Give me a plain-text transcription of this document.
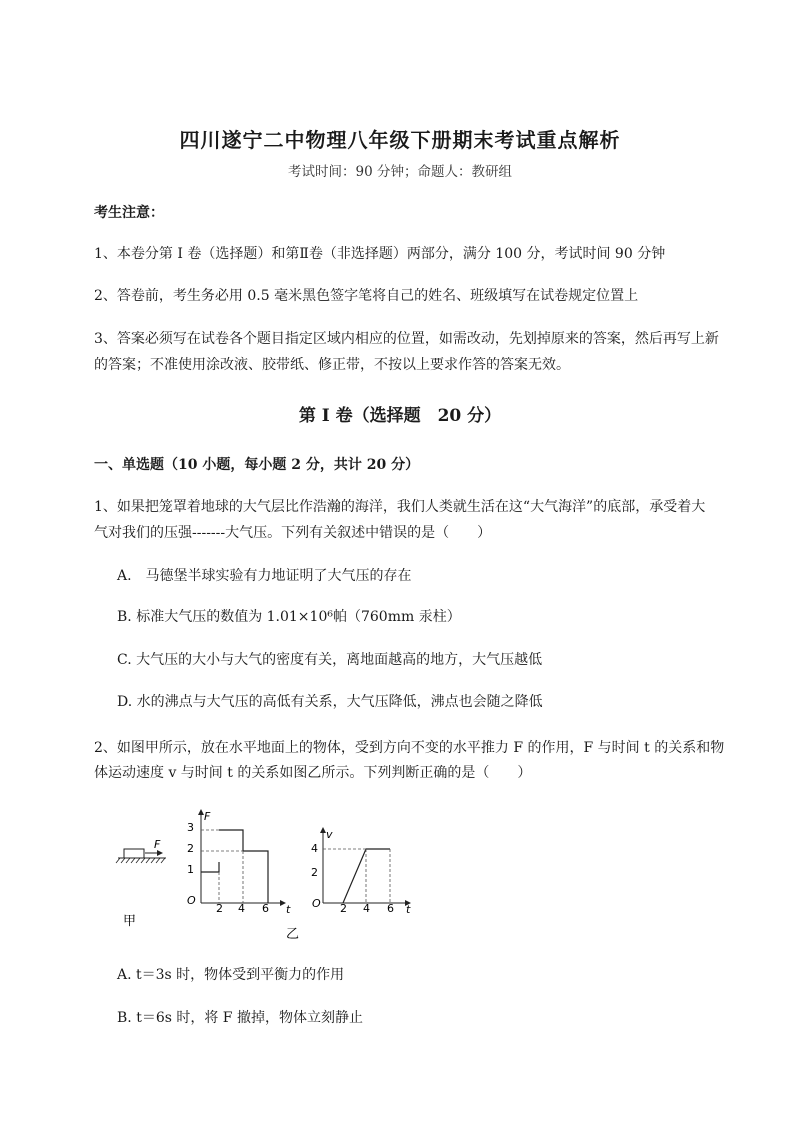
四川遂宁二中物理八年级下册期末考试重点解析
考试时间：90 分钟；命题人：教研组
考生注意：
1、本卷分第 I 卷（选择题）和第Ⅱ卷（非选择题）两部分，满分 100 分，考试时间 90 分钟
2、答卷前，考生务必用 0.5 毫米黑色签字笔将自己的姓名、班级填写在试卷规定位置上
3、答案必须写在试卷各个题目指定区域内相应的位置，如需改动，先划掉原来的答案，然后再写上新
的答案；不准使用涂改液、胶带纸、修正带，不按以上要求作答的答案无效。
第 I 卷（选择题　20 分）
一、单选题（10 小题，每小题 2 分，共计 20 分）
1、如果把笼罩着地球的大气层比作浩瀚的海洋，我们人类就生活在这“大气海洋”的底部，承受着大
气对我们的压强-------大气压。下列有关叙述中错误的是（　　）
A.　马德堡半球实验有力地证明了大气压的存在
B. 标准大气压的数值为 1.01×10⁶帕（760mm 汞柱）
C. 大气压的大小与大气的密度有关，离地面越高的地方，大气压越低
D. 水的沸点与大气压的高低有关系，大气压降低，沸点也会随之降低
2、如图甲所示，放在水平地面上的物体，受到方向不变的水平推力 F 的作用，F 与时间 t 的关系和物
体运动速度 v 与时间 t 的关系如图乙所示。下列判断正确的是（　　）
F
甲
F
O
1
2
3
2 4 6 t
乙
v
O
2
4
2 4 6 t
A. t＝3s 时，物体受到平衡力的作用
B. t＝6s 时，将 F 撤掉，物体立刻静止
